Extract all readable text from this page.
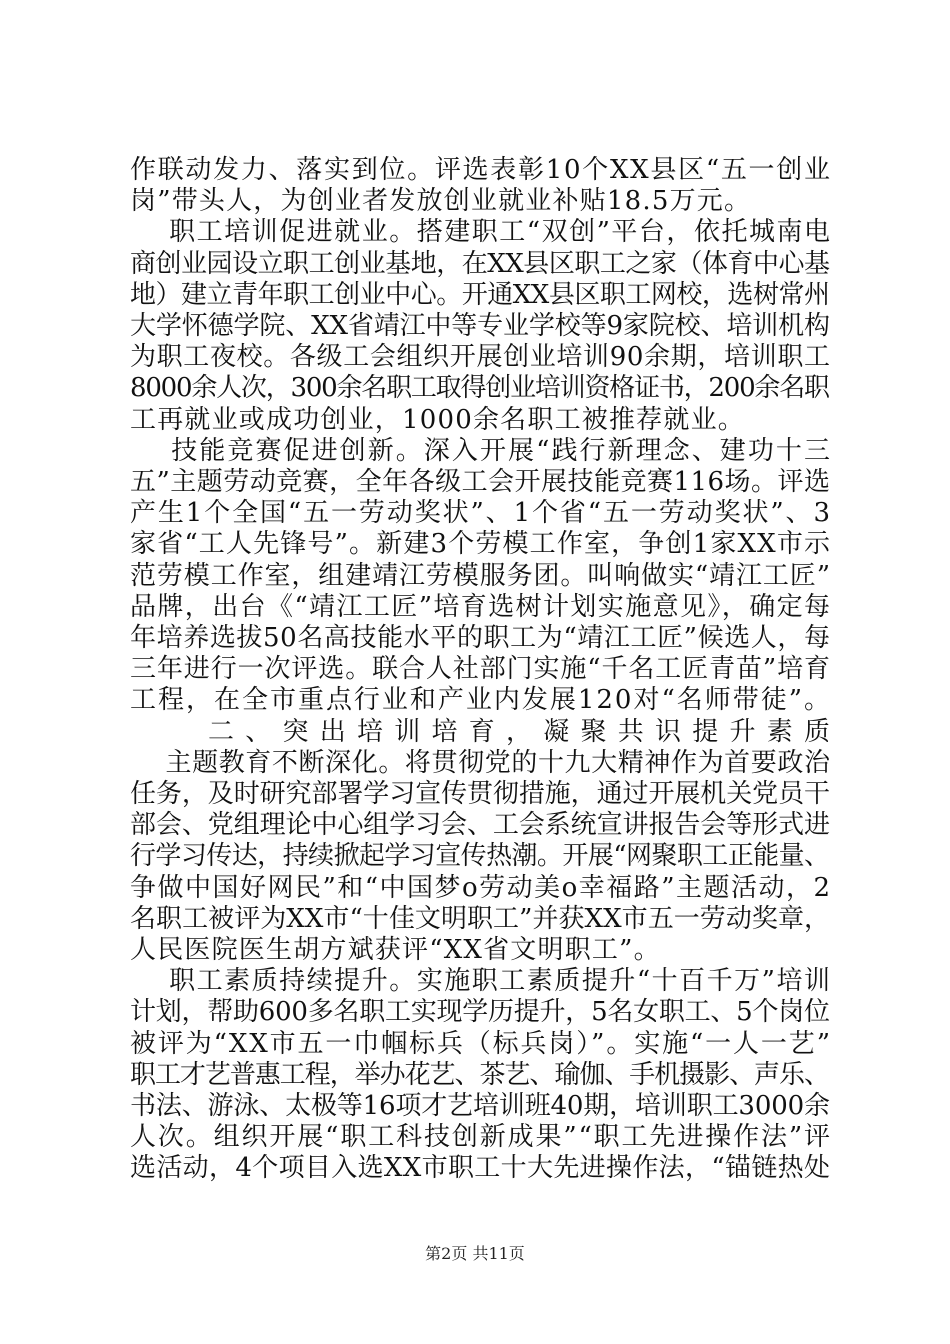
作联动发力、落实到位。评选表彰10个XX县区“五一创业
岗”带头人，为创业者发放创业就业补贴18.5万元。
职工培训促进就业。搭建职工“双创”平台，依托城南电
商创业园设立职工创业基地，在XX县区职工之家（体育中心基
地）建立青年职工创业中心。开通XX县区职工网校，选树常州
大学怀德学院、XX省靖江中等专业学校等9家院校、培训机构
为职工夜校。各级工会组织开展创业培训90余期，培训职工
8000余人次，300余名职工取得创业培训资格证书，200余名职
工再就业或成功创业，1000余名职工被推荐就业。
技能竞赛促进创新。深入开展“践行新理念、建功十三
五”主题劳动竞赛，全年各级工会开展技能竞赛116场。评选
产生1个全国“五一劳动奖状”、1个省“五一劳动奖状”、3
家省“工人先锋号”。新建3个劳模工作室，争创1家XX市示
范劳模工作室，组建靖江劳模服务团。叫响做实“靖江工匠”
品牌，出台《“靖江工匠”培育选树计划实施意见》，确定每
年培养选拔50名高技能水平的职工为“靖江工匠”候选人，每
三年进行一次评选。联合人社部门实施“千名工匠青苗”培育
工程，在全市重点行业和产业内发展120对“名师带徒”。
二、突出培训培育，凝聚共识提升素质
主题教育不断深化。将贯彻党的十九大精神作为首要政治
任务，及时研究部署学习宣传贯彻措施，通过开展机关党员干
部会、党组理论中心组学习会、工会系统宣讲报告会等形式进
行学习传达，持续掀起学习宣传热潮。开展“网聚职工正能量、
争做中国好网民”和“中国梦o劳动美o幸福路”主题活动，2
名职工被评为XX市“十佳文明职工”并获XX市五一劳动奖章，
人民医院医生胡方斌获评“XX省文明职工”。
职工素质持续提升。实施职工素质提升“十百千万”培训
计划，帮助600多名职工实现学历提升，5名女职工、5个岗位
被评为“XX市五一巾帼标兵（标兵岗）”。实施“一人一艺”
职工才艺普惠工程，举办花艺、茶艺、瑜伽、手机摄影、声乐、
书法、游泳、太极等16项才艺培训班40期，培训职工3000余
人次。组织开展“职工科技创新成果”“职工先进操作法”评
选活动，4个项目入选XX市职工十大先进操作法，“锚链热处
第2页 共11页
